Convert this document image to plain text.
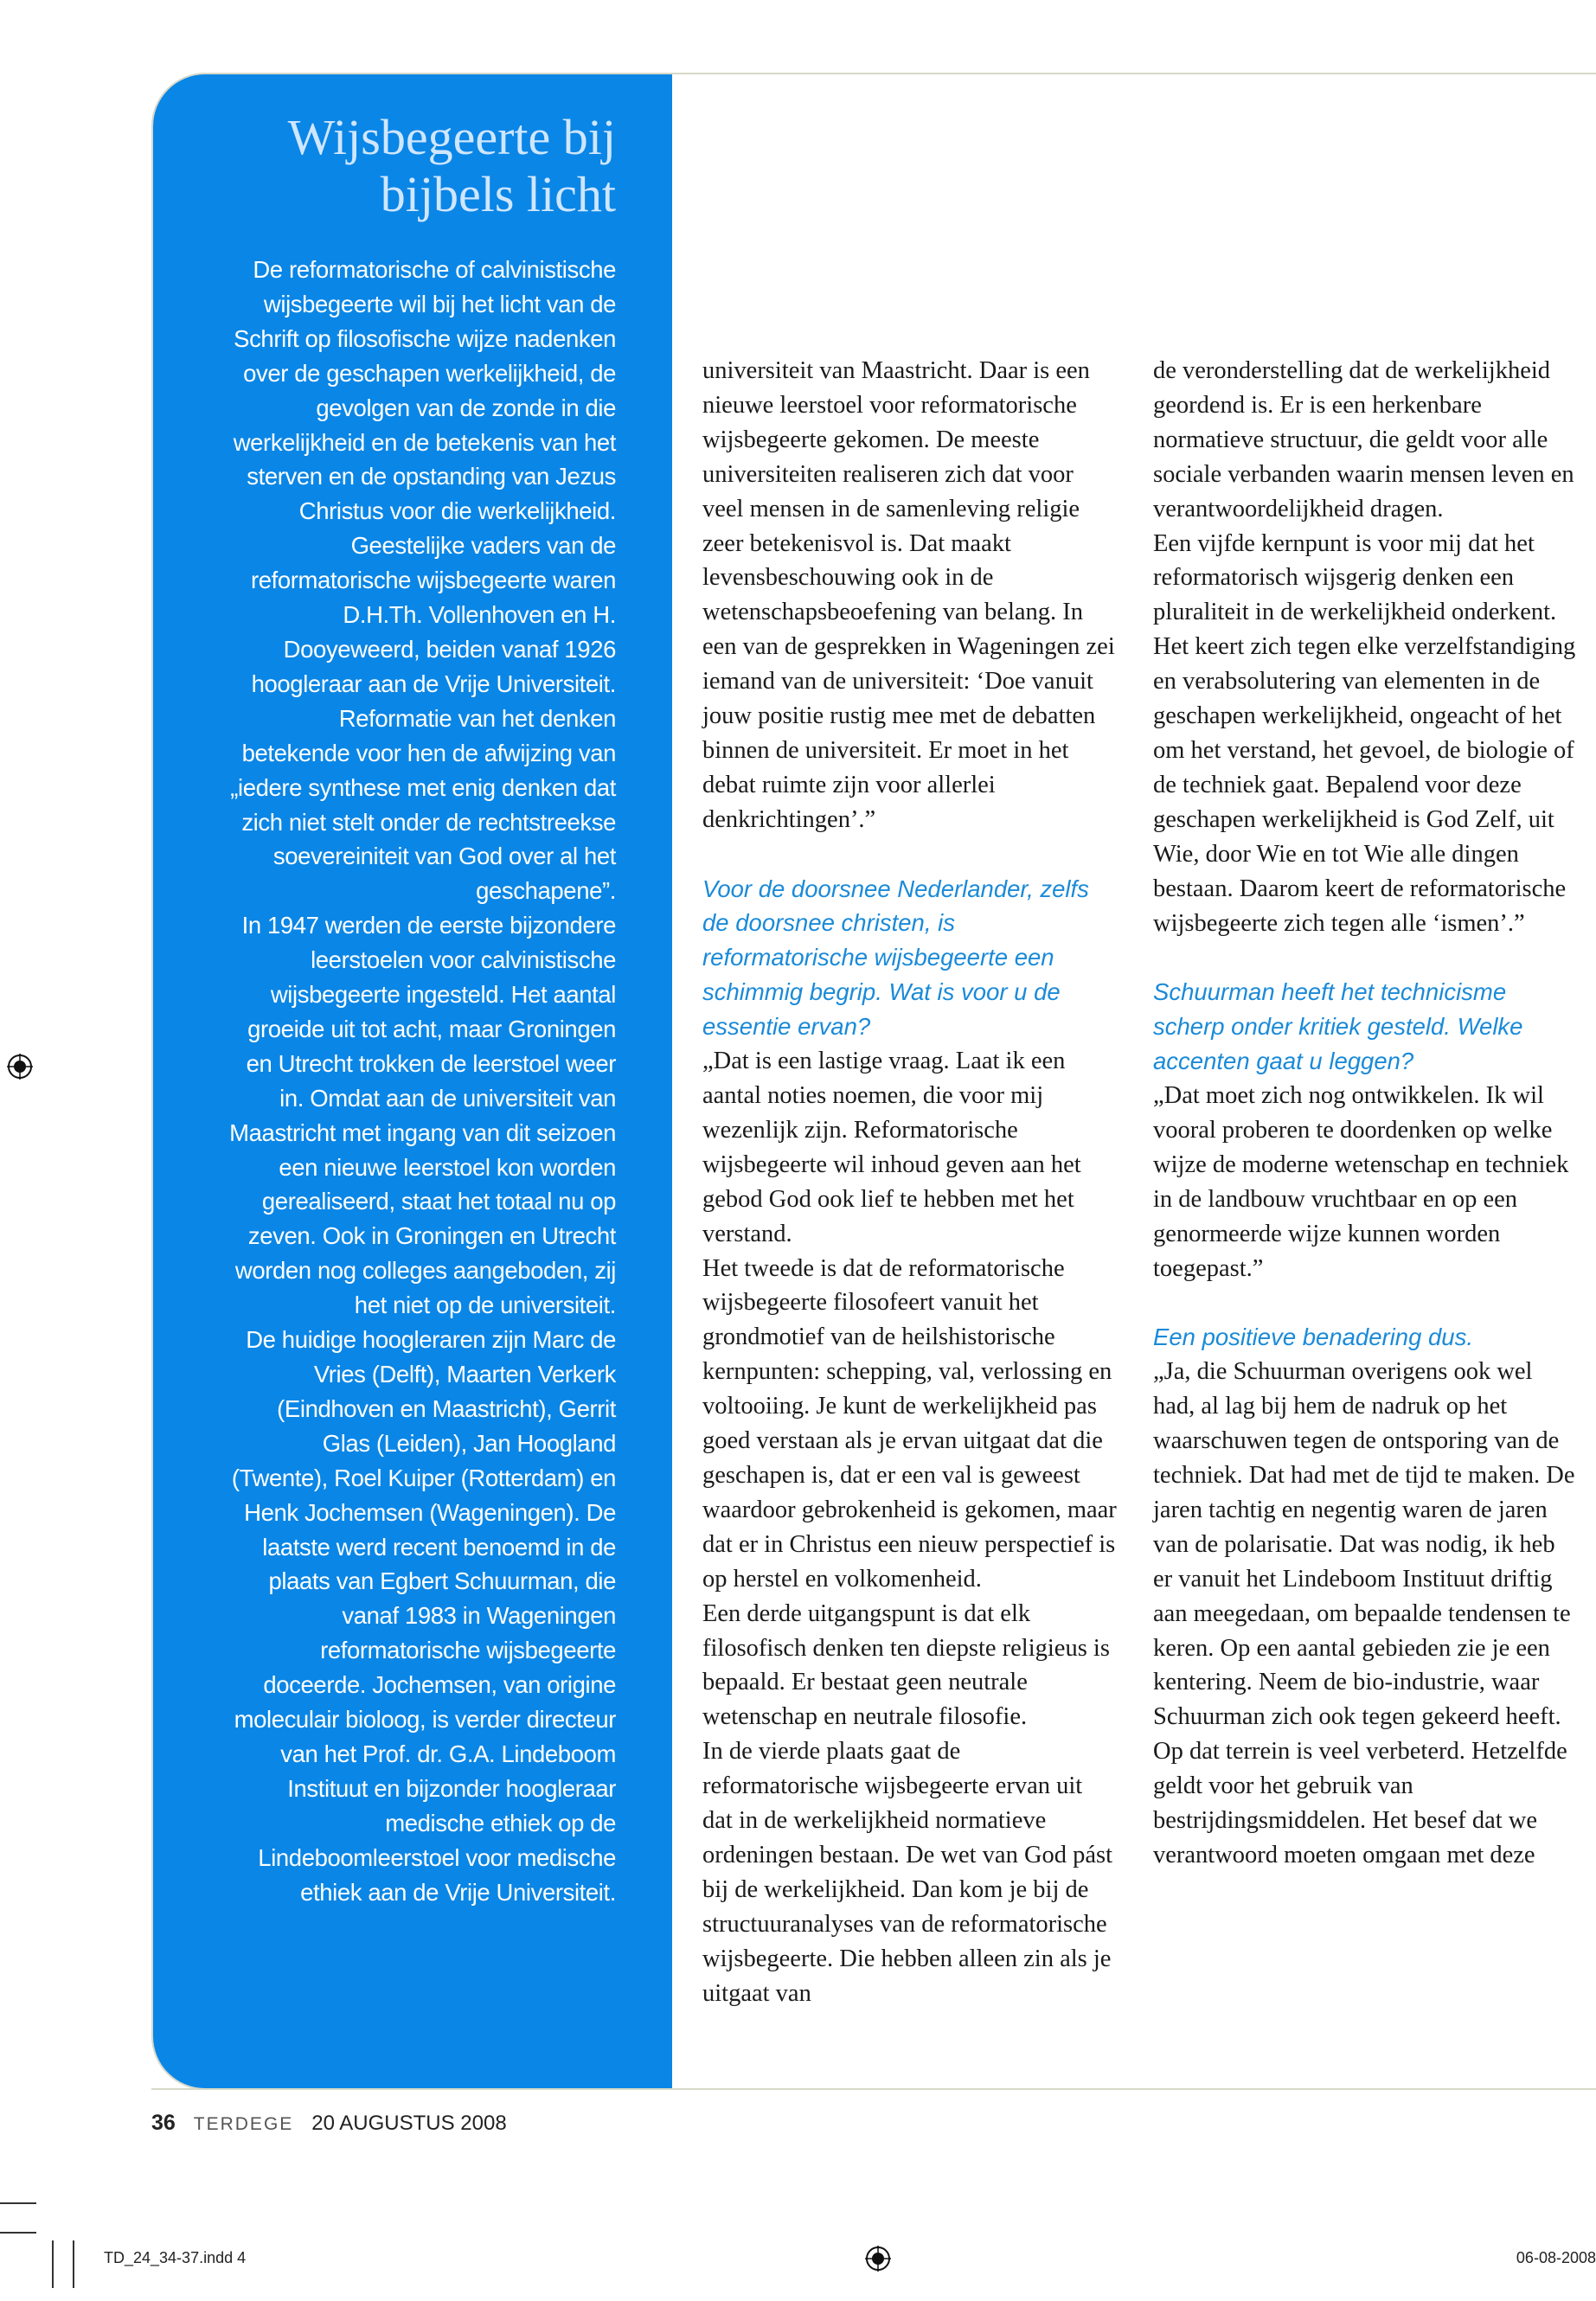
Wijsbegeerte bij
bijbels licht

De reformatorische of calvinistische wijsbegeerte wil bij het licht van de Schrift op filosofische wijze nadenken over de geschapen werkelijkheid, de gevolgen van de zonde in die werkelijkheid en de betekenis van het sterven en de opstanding van Jezus Christus voor die werkelijkheid. Geestelijke vaders van de reformatorische wijsbegeerte waren D.H.Th. Vollenhoven en H. Dooyeweerd, beiden vanaf 1926 hoogleraar aan de Vrije Universiteit. Reformatie van het denken betekende voor hen de afwijzing van „iedere synthese met enig denken dat zich niet stelt onder de rechtstreekse soevereiniteit van God over al het geschapene”.

In 1947 werden de eerste bijzondere leerstoelen voor calvinistische wijsbegeerte ingesteld. Het aantal groeide uit tot acht, maar Groningen en Utrecht trokken de leerstoel weer in. Omdat aan de universiteit van Maastricht met ingang van dit seizoen een nieuwe leerstoel kon worden gerealiseerd, staat het totaal nu op zeven. Ook in Groningen en Utrecht worden nog colleges aangeboden, zij het niet op de universiteit.

De huidige hoogleraren zijn Marc de Vries (Delft), Maarten Verkerk (Eindhoven en Maastricht), Gerrit Glas (Leiden), Jan Hoogland (Twente), Roel Kuiper (Rotterdam) en Henk Jochemsen (Wageningen). De laatste werd recent benoemd in de plaats van Egbert Schuurman, die vanaf 1983 in Wageningen reformatorische wijsbegeerte doceerde. Jochemsen, van origine moleculair bioloog, is verder directeur van het Prof. dr. G.A. Lindeboom Instituut en bijzonder hoogleraar medische ethiek op de Lindeboomleerstoel voor medische ethiek aan de Vrije Universiteit.

universiteit van Maastricht. Daar is een nieuwe leerstoel voor reformatorische wijsbegeerte gekomen. De meeste universiteiten realiseren zich dat voor veel mensen in de samenleving religie zeer betekenisvol is. Dat maakt levensbeschouwing ook in de wetenschapsbeoefening van belang. In een van de gesprekken in Wageningen zei iemand van de universiteit: ‘Doe vanuit jouw positie rustig mee met de debatten binnen de universiteit. Er moet in het debat ruimte zijn voor allerlei denkrichtingen’.”

Voor de doorsnee Nederlander, zelfs de doorsnee christen, is reformatorische wijsbegeerte een schimmig begrip. Wat is voor u de essentie ervan?

„Dat is een lastige vraag. Laat ik een aantal noties noemen, die voor mij wezenlijk zijn. Reformatorische wijsbegeerte wil inhoud geven aan het gebod God ook lief te hebben met het verstand.

Het tweede is dat de reformatorische wijsbegeerte filosofeert vanuit het grondmotief van de heilshistorische kernpunten: schepping, val, verlossing en voltooiing. Je kunt de werkelijkheid pas goed verstaan als je ervan uitgaat dat die geschapen is, dat er een val is geweest waardoor gebrokenheid is gekomen, maar dat er in Christus een nieuw perspectief is op herstel en volkomenheid.

Een derde uitgangspunt is dat elk filosofisch denken ten diepste religieus is bepaald. Er bestaat geen neutrale wetenschap en neutrale filosofie.

In de vierde plaats gaat de reformatorische wijsbegeerte ervan uit dat in de werkelijkheid normatieve ordeningen bestaan. De wet van God pást bij de werkelijkheid. Dan kom je bij de structuuranalyses van de reformatorische wijsbegeerte. Die hebben alleen zin als je uitgaat van

de veronderstelling dat de werkelijkheid geordend is. Er is een herkenbare normatieve structuur, die geldt voor alle sociale verbanden waarin mensen leven en verantwoordelijkheid dragen.

Een vijfde kernpunt is voor mij dat het reformatorisch wijsgerig denken een pluraliteit in de werkelijkheid onderkent. Het keert zich tegen elke verzelfstandiging en verabsolutering van elementen in de geschapen werkelijkheid, ongeacht of het om het verstand, het gevoel, de biologie of de techniek gaat. Bepalend voor deze geschapen werkelijkheid is God Zelf, uit Wie, door Wie en tot Wie alle dingen bestaan. Daarom keert de reformatorische wijsbegeerte zich tegen alle ‘ismen’.”

Schuurman heeft het technicisme scherp onder kritiek gesteld. Welke accenten gaat u leggen?

„Dat moet zich nog ontwikkelen. Ik wil vooral proberen te doordenken op welke wijze de moderne wetenschap en techniek in de landbouw vruchtbaar en op een genormeerde wijze kunnen worden toegepast.”

Een positieve benadering dus.

„Ja, die Schuurman overigens ook wel had, al lag bij hem de nadruk op het waarschuwen tegen de ontsporing van de techniek. Dat had met de tijd te maken. De jaren tachtig en negentig waren de jaren van de polarisatie. Dat was nodig, ik heb er vanuit het Lindeboom Instituut driftig aan meegedaan, om bepaalde tendensen te keren. Op een aantal gebieden zie je een kentering. Neem de bio-industrie, waar Schuurman zich ook tegen gekeerd heeft. Op dat terrein is veel verbeterd. Hetzelfde geldt voor het gebruik van bestrijdingsmiddelen. Het besef dat we verantwoord moeten omgaan met deze

36 TERDEGE 20 AUGUSTUS 2008
TD_24_34-37.indd 4	06-08-2008
